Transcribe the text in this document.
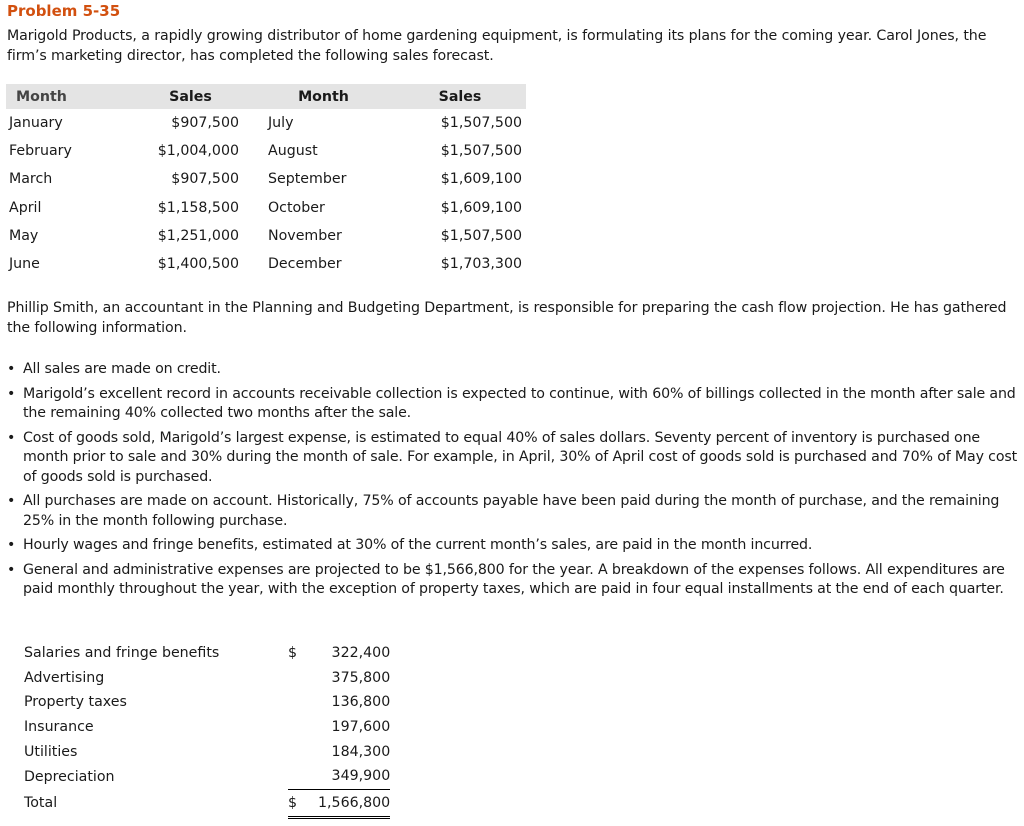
Problem 5-35
Marigold Products, a rapidly growing distributor of home gardening equipment, is formulating its plans for the coming year. Carol Jones, the firm’s marketing director, has completed the following sales forecast.
Month	Sales	Month	Sales
January	$907,500	July	$1,507,500
February	$1,004,000	August	$1,507,500
March	$907,500	September	$1,609,100
April	$1,158,500	October	$1,609,100
May	$1,251,000	November	$1,507,500
June	$1,400,500	December	$1,703,300
Phillip Smith, an accountant in the Planning and Budgeting Department, is responsible for preparing the cash flow projection. He has gathered the following information.
• All sales are made on credit.
• Marigold’s excellent record in accounts receivable collection is expected to continue, with 60% of billings collected in the month after sale and the remaining 40% collected two months after the sale.
• Cost of goods sold, Marigold’s largest expense, is estimated to equal 40% of sales dollars. Seventy percent of inventory is purchased one month prior to sale and 30% during the month of sale. For example, in April, 30% of April cost of goods sold is purchased and 70% of May cost of goods sold is purchased.
• All purchases are made on account. Historically, 75% of accounts payable have been paid during the month of purchase, and the remaining 25% in the month following purchase.
• Hourly wages and fringe benefits, estimated at 30% of the current month’s sales, are paid in the month incurred.
• General and administrative expenses are projected to be $1,566,800 for the year. A breakdown of the expenses follows. All expenditures are paid monthly throughout the year, with the exception of property taxes, which are paid in four equal installments at the end of each quarter.
Salaries and fringe benefits	$	322,400
Advertising		375,800
Property taxes		136,800
Insurance		197,600
Utilities		184,300
Depreciation		349,900
Total	$	1,566,800
